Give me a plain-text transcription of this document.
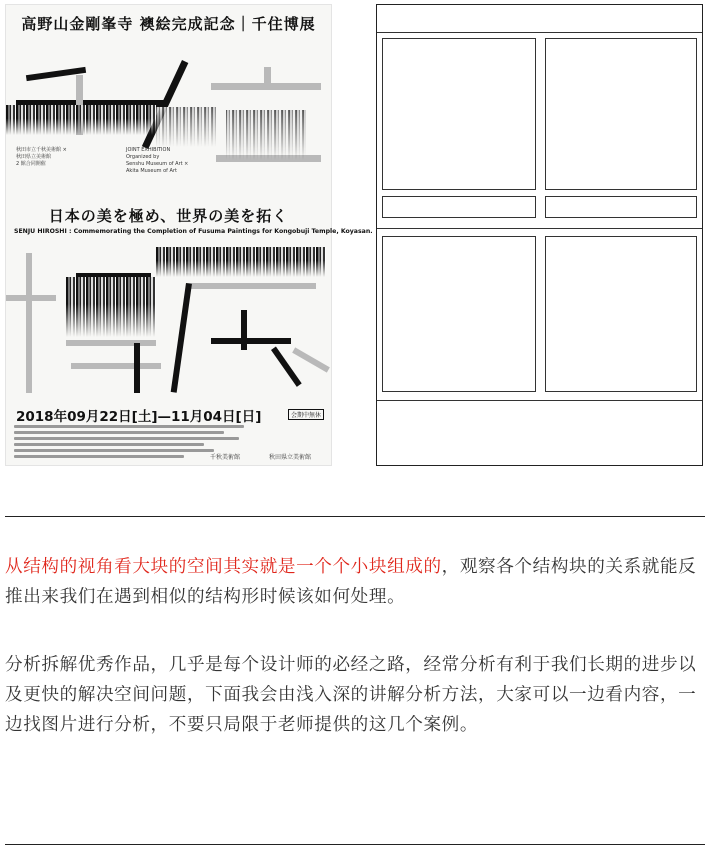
高野山金剛峯寺 襖絵完成記念｜千住博展
秋田市立千秋美術館 ×
秋田県立美術館
2 館合同開催
JOINT EXHIBITION
Organized by
Senshu Museum of Art ×
Akita Museum of Art
日本の美を極め、世界の美を拓く
SENJU HIROSHI : Commemorating the Completion of Fusuma Paintings for Kongobuji Temple, Koyasan.
2018年09月22日[土]—11月04日[日]	会期中無休
千秋美術館	秋田県立美術館

从结构的视角看大块的空间其实就是一个个小块组成的，观察各个结构块的关系就能反推出来我们在遇到相似的结构形时候该如何处理。

分析拆解优秀作品，几乎是每个设计师的必经之路，经常分析有利于我们长期的进步以及更快的解决空间问题，下面我会由浅入深的讲解分析方法，大家可以一边看内容，一边找图片进行分析，不要只局限于老师提供的这几个案例。
